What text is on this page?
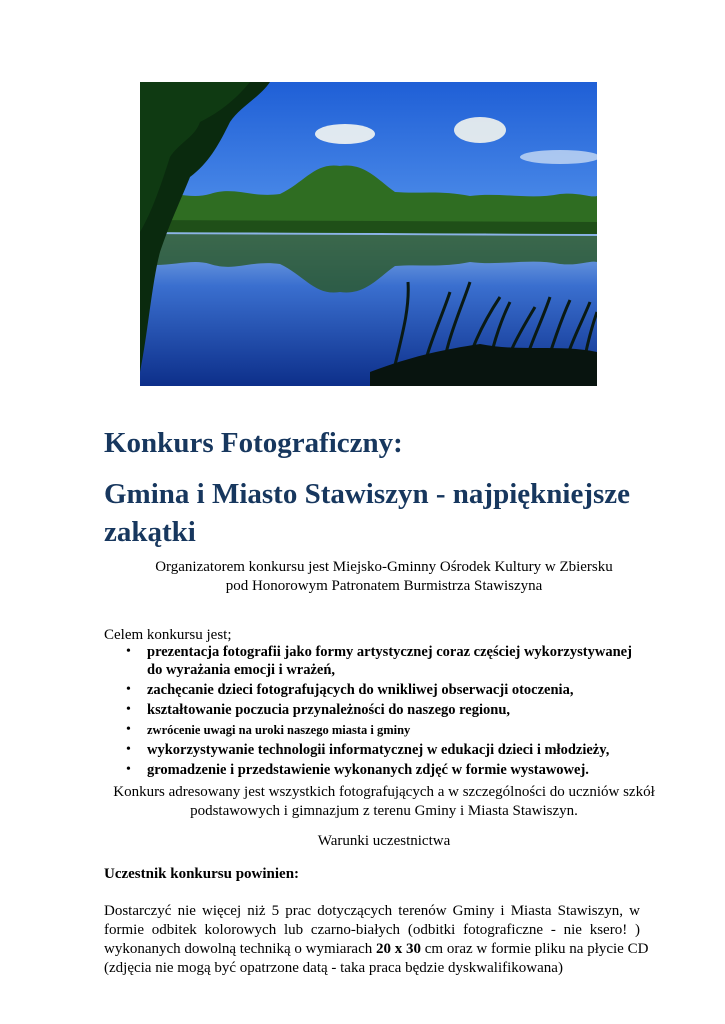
Konkurs Fotograficzny:
Gmina i Miasto Stawiszyn - najpiękniejsze zakątki
Organizatorem konkursu jest Miejsko-Gminny Ośrodek Kultury w Zbiersku
pod Honorowym Patronatem Burmistrza Stawiszyna
Celem konkursu jest;
• prezentacja fotografii jako formy artystycznej coraz częściej wykorzystywanej do wyrażania emocji i wrażeń,
• zachęcanie dzieci fotografujących do wnikliwej obserwacji otoczenia,
• kształtowanie poczucia przynależności do naszego regionu,
• zwrócenie uwagi na uroki naszego miasta i gminy
• wykorzystywanie technologii informatycznej w edukacji dzieci i młodzieży,
• gromadzenie i przedstawienie wykonanych zdjęć w formie wystawowej.
Konkurs adresowany jest wszystkich fotografujących a w szczególności do uczniów szkół
podstawowych i gimnazjum z terenu Gminy i Miasta Stawiszyn.
Warunki uczestnictwa
Uczestnik konkursu powinien:
Dostarczyć nie więcej niż 5 prac dotyczących terenów Gminy i Miasta Stawiszyn, w
formie odbitek kolorowych lub czarno-białych (odbitki fotograficzne - nie ksero! )
wykonanych dowolną techniką o wymiarach 20 x 30 cm oraz w formie pliku na płycie CD
(zdjęcia nie mogą być opatrzone datą - taka praca będzie dyskwalifikowana)
